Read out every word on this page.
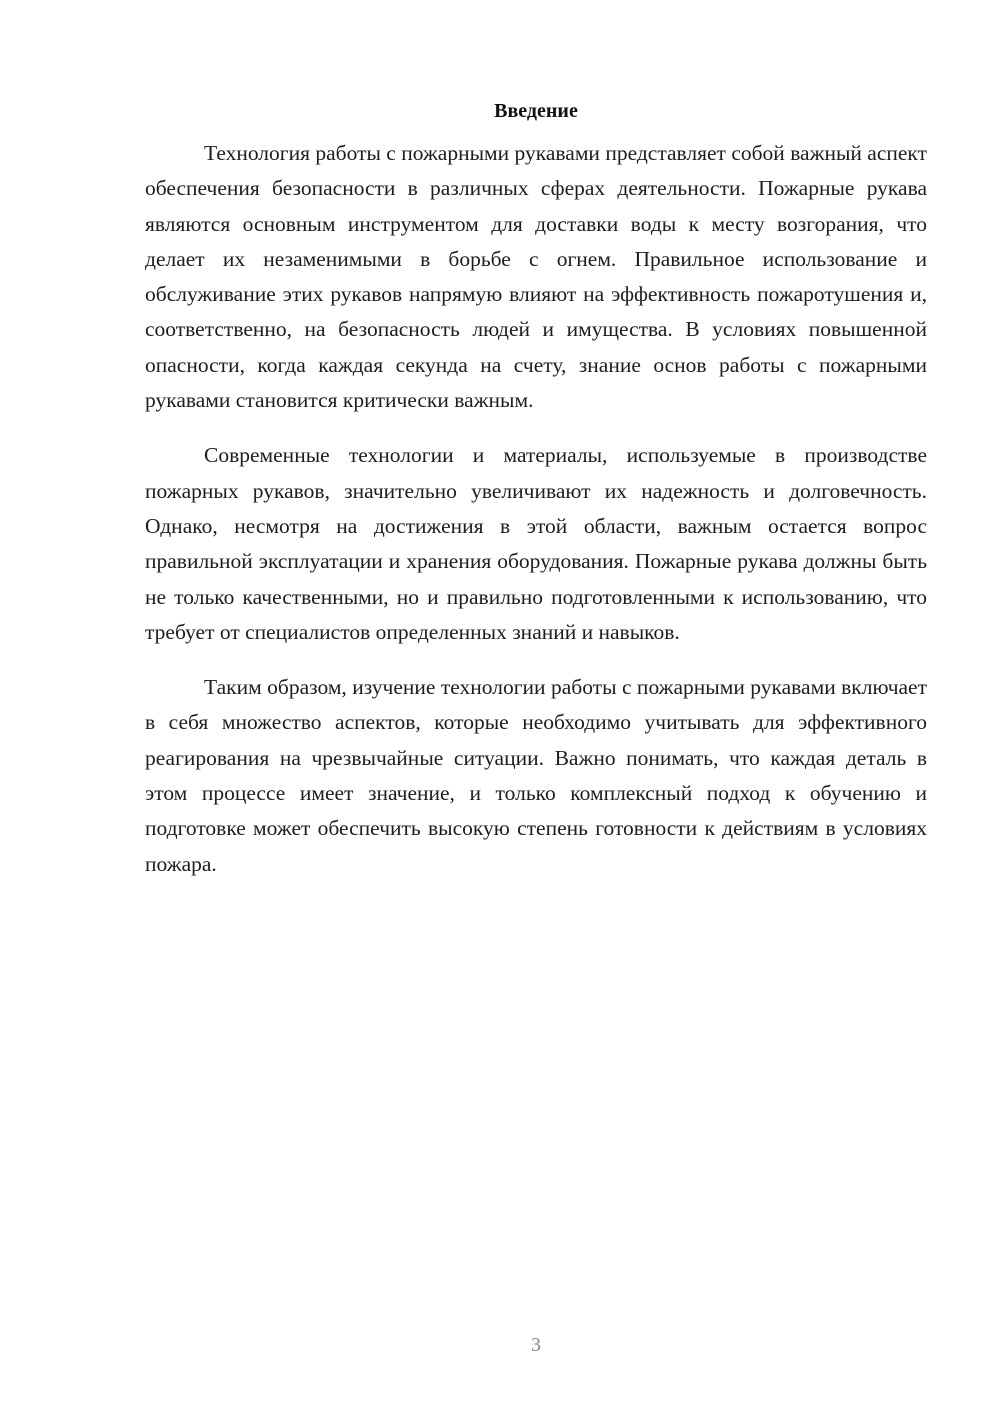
Введение

Технология работы с пожарными рукавами представляет собой важный аспект обеспечения безопасности в различных сферах деятельности. Пожарные рукава являются основным инструментом для доставки воды к месту возгорания, что делает их незаменимыми в борьбе с огнем. Правильное использование и обслуживание этих рукавов напрямую влияют на эффективность пожаротушения и, соответственно, на безопасность людей и имущества. В условиях повышенной опасности, когда каждая секунда на счету, знание основ работы с пожарными рукавами становится критически важным.

Современные технологии и материалы, используемые в производстве пожарных рукавов, значительно увеличивают их надежность и долговечность. Однако, несмотря на достижения в этой области, важным остается вопрос правильной эксплуатации и хранения оборудования. Пожарные рукава должны быть не только качественными, но и правильно подготовленными к использованию, что требует от специалистов определенных знаний и навыков.

Таким образом, изучение технологии работы с пожарными рукавами включает в себя множество аспектов, которые необходимо учитывать для эффективного реагирования на чрезвычайные ситуации. Важно понимать, что каждая деталь в этом процессе имеет значение, и только комплексный подход к обучению и подготовке может обеспечить высокую степень готовности к действиям в условиях пожара.

3
